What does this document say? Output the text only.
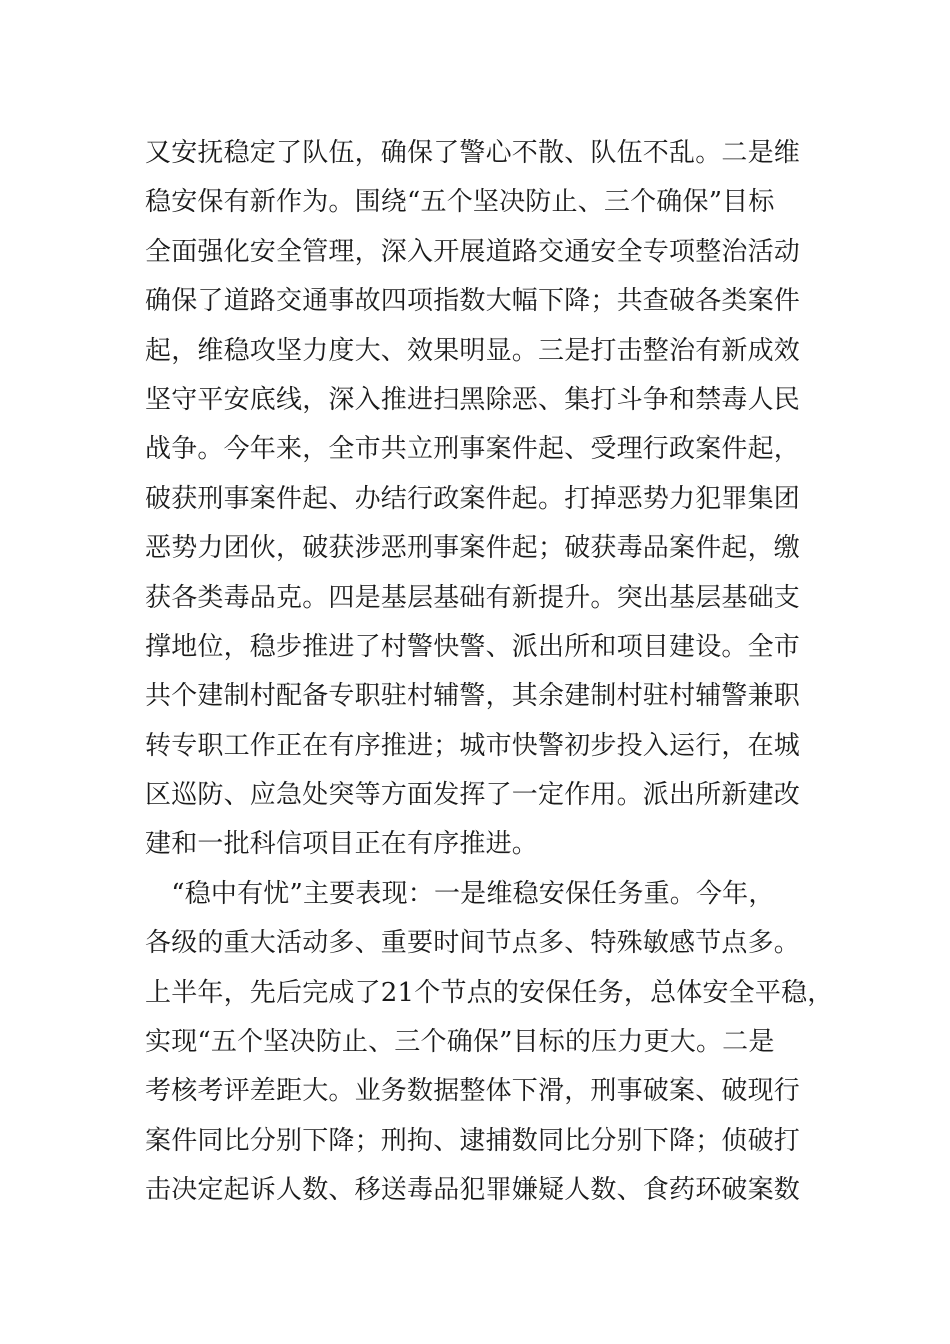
又安抚稳定了队伍，确保了警心不散、队伍不乱。二是维
稳安保有新作为。围绕“五个坚决防止、三个确保”目标
全面强化安全管理，深入开展道路交通安全专项整治活动
确保了道路交通事故四项指数大幅下降；共查破各类案件
起，维稳攻坚力度大、效果明显。三是打击整治有新成效
坚守平安底线，深入推进扫黑除恶、集打斗争和禁毒人民
战争。今年来，全市共立刑事案件起、受理行政案件起，
破获刑事案件起、办结行政案件起。打掉恶势力犯罪集团
恶势力团伙，破获涉恶刑事案件起；破获毒品案件起，缴
获各类毒品克。四是基层基础有新提升。突出基层基础支
撑地位，稳步推进了村警快警、派出所和项目建设。全市
共个建制村配备专职驻村辅警，其余建制村驻村辅警兼职
转专职工作正在有序推进；城市快警初步投入运行，在城
区巡防、应急处突等方面发挥了一定作用。派出所新建改
建和一批科信项目正在有序推进。
　“稳中有忧”主要表现：一是维稳安保任务重。今年，
各级的重大活动多、重要时间节点多、特殊敏感节点多。
上半年，先后完成了21个节点的安保任务，总体安全平稳，
实现“五个坚决防止、三个确保”目标的压力更大。二是
考核考评差距大。业务数据整体下滑，刑事破案、破现行
案件同比分别下降；刑拘、逮捕数同比分别下降；侦破打
击决定起诉人数、移送毒品犯罪嫌疑人数、食药环破案数
